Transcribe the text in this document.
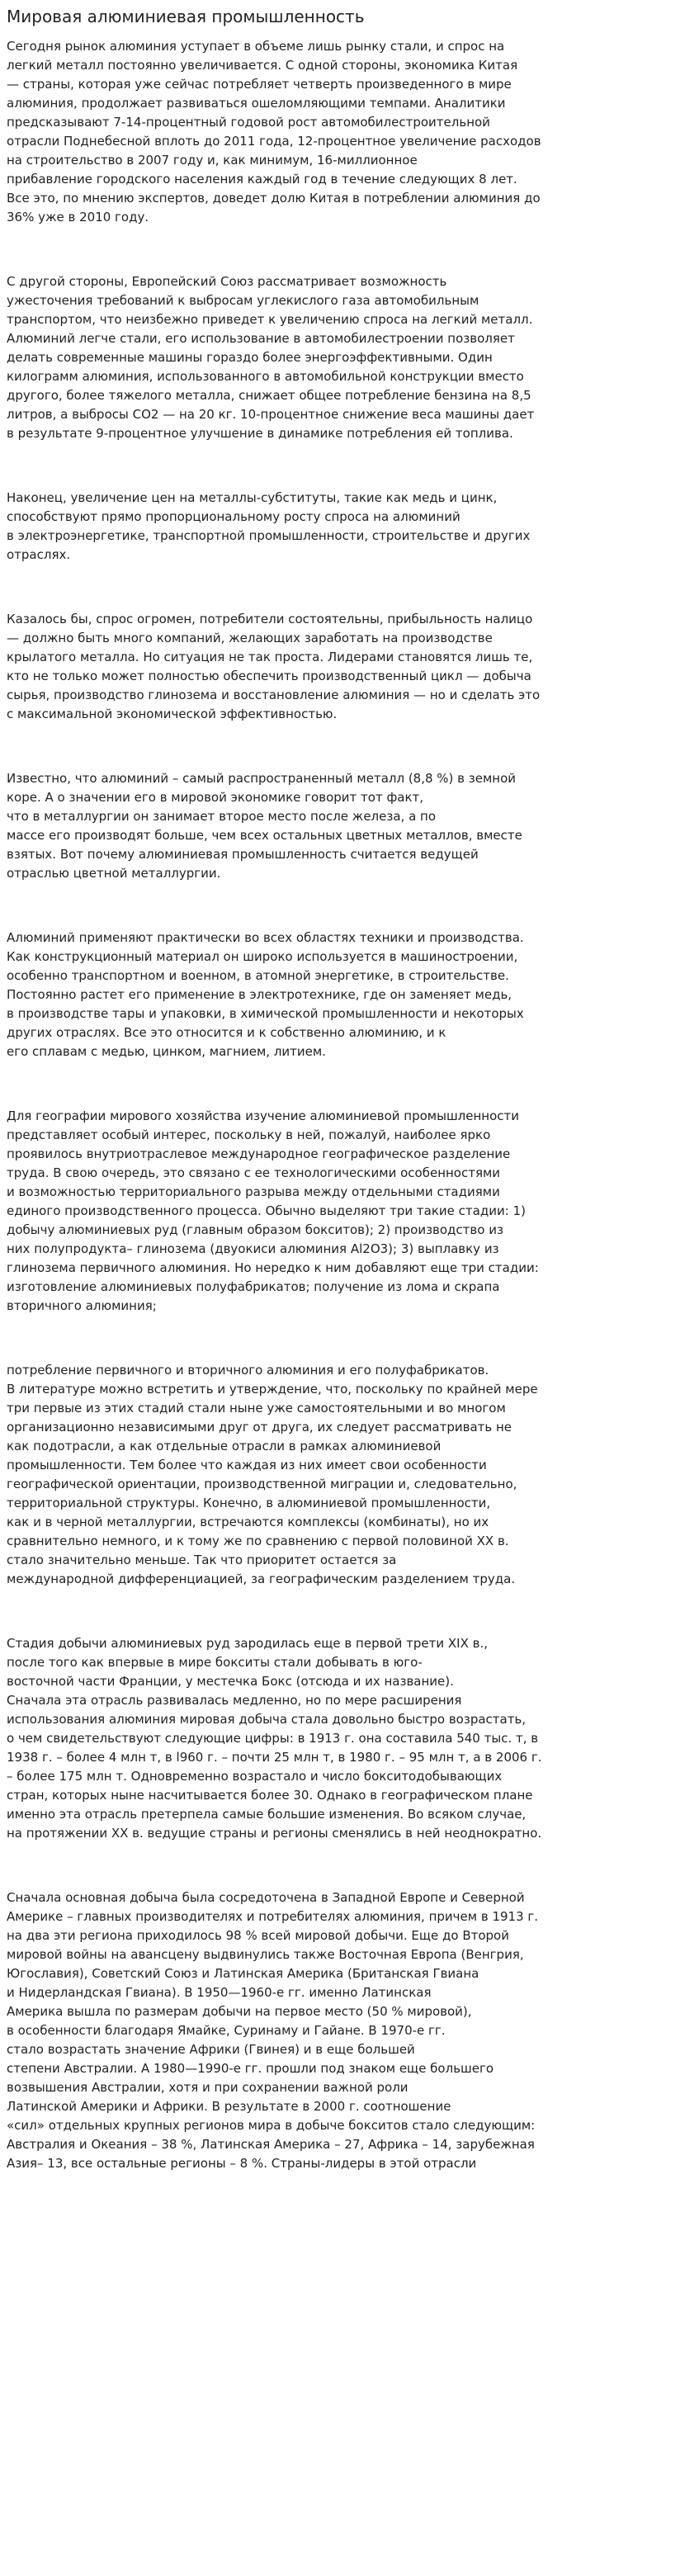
Мировая алюминиевая промышленность

Сегодня рынок алюминия уступает в объеме лишь рынку стали, и спрос на
легкий металл постоянно увеличивается. С одной стороны, экономика Китая
— страны, которая уже сейчас потребляет четверть произведенного в мире
алюминия, продолжает развиваться ошеломляющими темпами. Аналитики
предсказывают 7-14-процентный годовой рост автомобилестроительной
отрасли Поднебесной вплоть до 2011 года, 12-процентное увеличение расходов
на строительство в 2007 году и, как минимум, 16-миллионное
прибавление городского населения каждый год в течение следующих 8 лет.
Все это, по мнению экспертов, доведет долю Китая в потреблении алюминия до
36% уже в 2010 году.

С другой стороны, Европейский Союз рассматривает возможность
ужесточения требований к выбросам углекислого газа автомобильным
транспортом, что неизбежно приведет к увеличению спроса на легкий металл.
Алюминий легче стали, его использование в автомобилестроении позволяет
делать современные машины гораздо более энергоэффективными. Один
килограмм алюминия, использованного в автомобильной конструкции вместо
другого, более тяжелого металла, снижает общее потребление бензина на 8,5
литров, а выбросы СО2 — на 20 кг. 10-процентное снижение веса машины дает
в результате 9-процентное улучшение в динамике потребления ей топлива.

Наконец, увеличение цен на металлы-субституты, такие как медь и цинк,
способствуют прямо пропорциональному росту спроса на алюминий
в электроэнергетике, транспортной промышленности, строительстве и других
отраслях.

Казалось бы, спрос огромен, потребители состоятельны, прибыльность налицо
— должно быть много компаний, желающих заработать на производстве
крылатого металла. Но ситуация не так проста. Лидерами становятся лишь те,
кто не только может полностью обеспечить производственный цикл — добыча
сырья, производство глинозема и восстановление алюминия — но и сделать это
с максимальной экономической эффективностью.

Известно, что алюминий – самый распространенный металл (8,8 %) в земной
коре. А о значении его в мировой экономике говорит тот факт,
что в металлургии он занимает второе место после железа, а по
массе его производят больше, чем всех остальных цветных металлов, вместе
взятых. Вот почему алюминиевая промышленность считается ведущей
отраслью цветной металлургии.

Алюминий применяют практически во всех областях техники и производства.
Как конструкционный материал он широко используется в машиностроении,
особенно транспортном и военном, в атомной энергетике, в строительстве.
Постоянно растет его применение в электротехнике, где он заменяет медь,
в производстве тары и упаковки, в химической промышленности и некоторых
других отраслях. Все это относится и к собственно алюминию, и к
его сплавам с медью, цинком, магнием, литием.

Для географии мирового хозяйства изучение алюминиевой промышленности
представляет особый интерес, поскольку в ней, пожалуй, наиболее ярко
проявилось внутриотраслевое международное географическое разделение
труда. В свою очередь, это связано с ее технологическими особенностями
и возможностью территориального разрыва между отдельными стадиями
единого производственного процесса. Обычно выделяют три такие стадии: 1)
добычу алюминиевых руд (главным образом бокситов); 2) производство из
них полупродукта– глинозема (двуокиси алюминия Al2O3); 3) выплавку из
глинозема первичного алюминия. Но нередко к ним добавляют еще три стадии:
изготовление алюминиевых полуфабрикатов; получение из лома и скрапа
вторичного алюминия;

потребление первичного и вторичного алюминия и его полуфабрикатов.
В литературе можно встретить и утверждение, что, поскольку по крайней мере
три первые из этих стадий стали ныне уже самостоятельными и во многом
организационно независимыми друг от друга, их следует рассматривать не
как подотрасли, а как отдельные отрасли в рамках алюминиевой
промышленности. Тем более что каждая из них имеет свои особенности
географической ориентации, производственной миграции и, следовательно,
территориальной структуры. Конечно, в алюминиевой промышленности,
как и в черной металлургии, встречаются комплексы (комбинаты), но их
сравнительно немного, и к тому же по сравнению с первой половиной ХХ в.
стало значительно меньше. Так что приоритет остается за
международной дифференциацией, за географическим разделением труда.

Стадия добычи алюминиевых руд зародилась еще в первой трети XIX в.,
после того как впервые в мире бокситы стали добывать в юго-
восточной части Франции, у местечка Бокс (отсюда и их название).
Сначала эта отрасль развивалась медленно, но по мере расширения
использования алюминия мировая добыча стала довольно быстро возрастать,
о чем свидетельствуют следующие цифры: в 1913 г. она составила 540 тыс. т, в
1938 г. – более 4 млн т, в l960 г. – почти 25 млн т, в 1980 г. – 95 млн т, а в 2006 г.
– более 175 млн т. Одновременно возрастало и число бокситодобывающих
стран, которых ныне насчитывается более 30. Однако в географическом плане
именно эта отрасль претерпела самые большие изменения. Во всяком случае,
на протяжении ХХ в. ведущие страны и регионы сменялись в ней неоднократно.

Сначала основная добыча была сосредоточена в Западной Европе и Северной
Америке – главных производителях и потребителях алюминия, причем в 1913 г.
на два эти региона приходилось 98 % всей мировой добычи. Еще до Второй
мировой войны на авансцену выдвинулись также Восточная Европа (Венгрия,
Югославия), Советский Союз и Латинская Америка (Британская Гвиана
и Нидерландская Гвиана). В 1950—1960-е гг. именно Латинская
Америка вышла по размерам добычи на первое место (50 % мировой),
в особенности благодаря Ямайке, Суринаму и Гайане. В 1970-е гг.
стало возрастать значение Африки (Гвинея) и в еще большей
степени Австралии. А 1980—1990-е гг. прошли под знаком еще большего
возвышения Австралии, хотя и при сохранении важной роли
Латинской Америки и Африки. В результате в 2000 г. соотношение
«сил» отдельных крупных регионов мира в добыче бокситов стало следующим:
Австралия и Океания – 38 %, Латинская Америка – 27, Африка – 14, зарубежная
Азия– 13, все остальные регионы – 8 %. Страны-лидеры в этой отрасли
